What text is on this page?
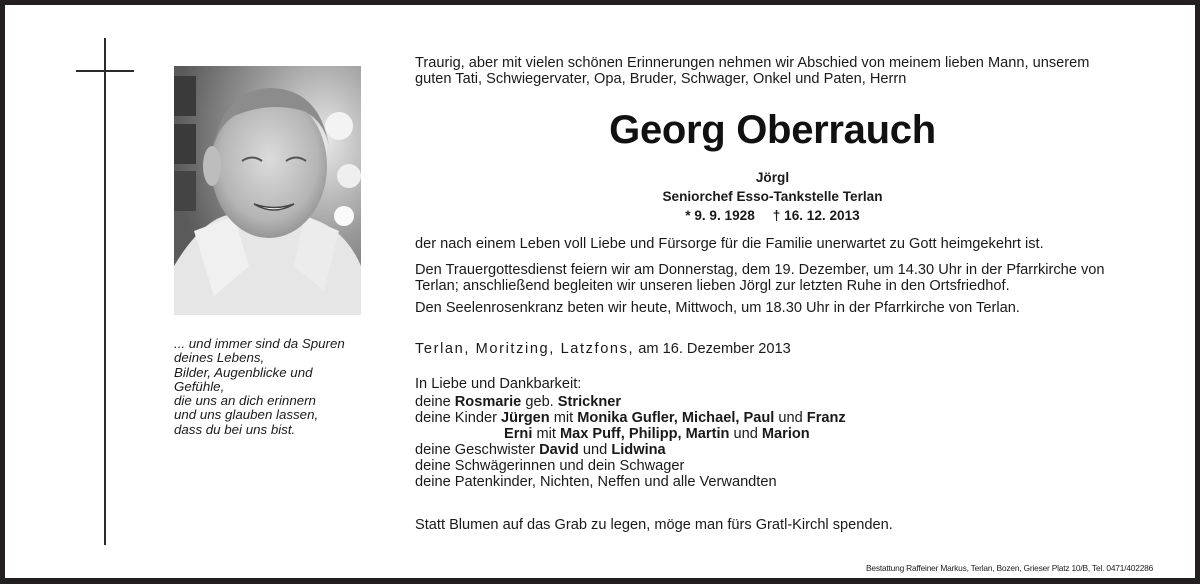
... und immer sind da Spuren
deines Lebens,
Bilder, Augenblicke und
Gefühle,
die uns an dich erinnern
und uns glauben lassen,
dass du bei uns bist.
Traurig, aber mit vielen schönen Erinnerungen nehmen wir Abschied von meinem lieben Mann, unserem
guten Tati, Schwiegervater, Opa, Bruder, Schwager, Onkel und Paten, Herrn
Georg Oberrauch
Jörgl
Seniorchef Esso-Tankstelle Terlan
* 9. 9. 1928 † 16. 12. 2013
der nach einem Leben voll Liebe und Fürsorge für die Familie unerwartet zu Gott heimgekehrt ist.
Den Trauergottesdienst feiern wir am Donnerstag, dem 19. Dezember, um 14.30 Uhr in der Pfarrkirche von
Terlan; anschließend begleiten wir unseren lieben Jörgl zur letzten Ruhe in den Ortsfriedhof.
Den Seelenrosenkranz beten wir heute, Mittwoch, um 18.30 Uhr in der Pfarrkirche von Terlan.
Terlan, Moritzing, Latzfons, am 16. Dezember 2013
In Liebe und Dankbarkeit:
deine Rosmarie geb. Strickner
deine Kinder Jürgen mit Monika Gufler, Michael, Paul und Franz
Erni mit Max Puff, Philipp, Martin und Marion
deine Geschwister David und Lidwina
deine Schwägerinnen und dein Schwager
deine Patenkinder, Nichten, Neffen und alle Verwandten
Statt Blumen auf das Grab zu legen, möge man fürs Gratl-Kirchl spenden.
Bestattung Raffeiner Markus, Terlan, Bozen, Grieser Platz 10/B, Tel. 0471/402286
